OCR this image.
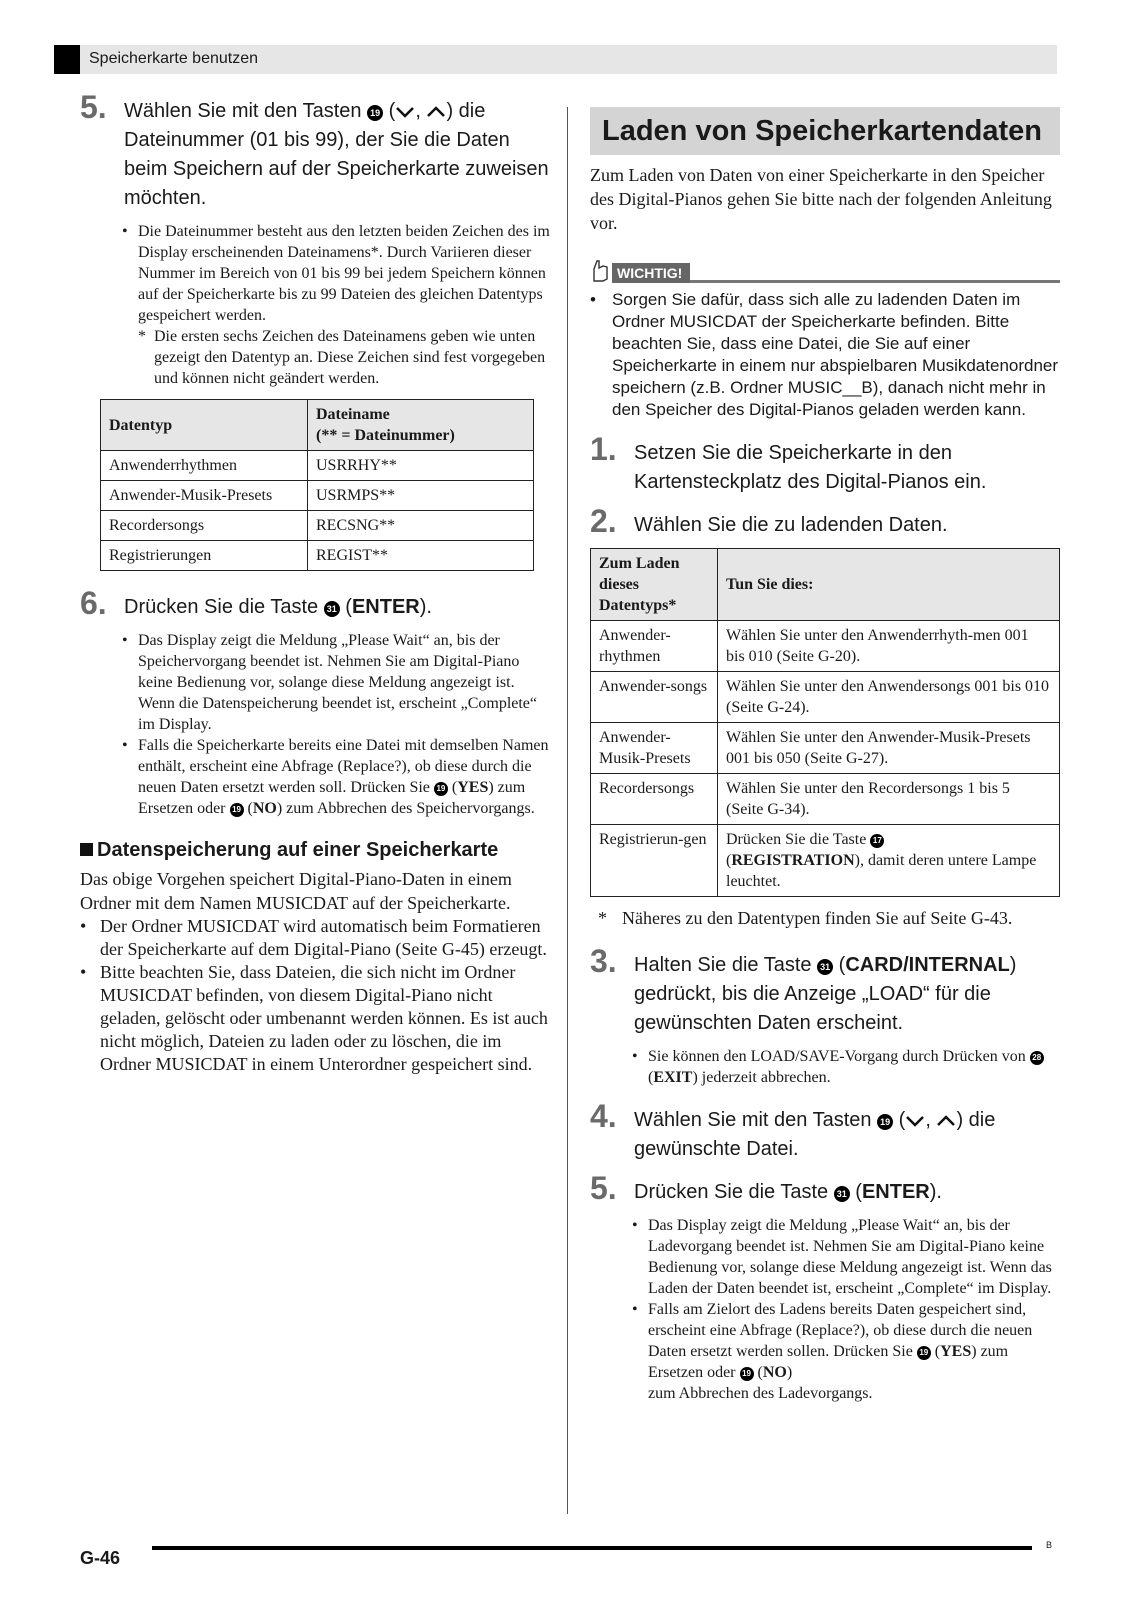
Speicherkarte benutzen
5. Wählen Sie mit den Tasten 19 ( , ) die Dateinummer (01 bis 99), der Sie die Daten beim Speichern auf der Speicherkarte zuweisen möchten.
• Die Dateinummer besteht aus den letzten beiden Zeichen des im Display erscheinenden Dateinamens*. Durch Variieren dieser Nummer im Bereich von 01 bis 99 bei jedem Speichern können auf der Speicherkarte bis zu 99 Dateien des gleichen Datentyps gespeichert werden.
* Die ersten sechs Zeichen des Dateinamens geben wie unten gezeigt den Datentyp an. Diese Zeichen sind fest vorgegeben und können nicht geändert werden.
Datentyp	Dateiname
(** = Dateinummer)
Anwenderrhythmen	USRRHY**
Anwender-Musik-Presets	USRMPS**
Recordersongs	RECSNG**
Registrierungen	REGIST**
6. Drücken Sie die Taste 31 (ENTER).
• Das Display zeigt die Meldung „Please Wait“ an, bis der Speichervorgang beendet ist. Nehmen Sie am Digital-Piano keine Bedienung vor, solange diese Meldung angezeigt ist. Wenn die Datenspeicherung beendet ist, erscheint „Complete“ im Display.
• Falls die Speicherkarte bereits eine Datei mit demselben Namen enthält, erscheint eine Abfrage (Replace?), ob diese durch die neuen Daten ersetzt werden soll. Drücken Sie 19 (YES) zum Ersetzen oder 19 (NO) zum Abbrechen des Speichervorgangs.
Datenspeicherung auf einer Speicherkarte
Das obige Vorgehen speichert Digital-Piano-Daten in einem Ordner mit dem Namen MUSICDAT auf der Speicherkarte.
• Der Ordner MUSICDAT wird automatisch beim Formatieren der Speicherkarte auf dem Digital-Piano (Seite G-45) erzeugt.
• Bitte beachten Sie, dass Dateien, die sich nicht im Ordner MUSICDAT befinden, von diesem Digital-Piano nicht geladen, gelöscht oder umbenannt werden können. Es ist auch nicht möglich, Dateien zu laden oder zu löschen, die im Ordner MUSICDAT in einem Unterordner gespeichert sind.
Laden von Speicherkartendaten
Zum Laden von Daten von einer Speicherkarte in den Speicher des Digital-Pianos gehen Sie bitte nach der folgenden Anleitung vor.
WICHTIG!
• Sorgen Sie dafür, dass sich alle zu ladenden Daten im Ordner MUSICDAT der Speicherkarte befinden. Bitte beachten Sie, dass eine Datei, die Sie auf einer Speicherkarte in einem nur abspielbaren Musikdatenordner speichern (z.B. Ordner MUSIC__B), danach nicht mehr in den Speicher des Digital-Pianos geladen werden kann.
1. Setzen Sie die Speicherkarte in den Kartensteckplatz des Digital-Pianos ein.
2. Wählen Sie die zu ladenden Daten.
Zum Laden dieses Datentyps*	Tun Sie dies:
Anwender-rhythmen	Wählen Sie unter den Anwenderrhyth-men 001 bis 010 (Seite G-20).
Anwender-songs	Wählen Sie unter den Anwendersongs 001 bis 010 (Seite G-24).
Anwender-Musik-Presets	Wählen Sie unter den Anwender-Musik-Presets 001 bis 050 (Seite G-27).
Recordersongs	Wählen Sie unter den Recordersongs 1 bis 5 (Seite G-34).
Registrierun-gen	Drücken Sie die Taste 17
(REGISTRATION), damit deren untere Lampe leuchtet.
* Näheres zu den Datentypen finden Sie auf Seite G-43.
3. Halten Sie die Taste 31 (CARD/INTERNAL) gedrückt, bis die Anzeige „LOAD“ für die gewünschten Daten erscheint.
• Sie können den LOAD/SAVE-Vorgang durch Drücken von 28 (EXIT) jederzeit abbrechen.
4. Wählen Sie mit den Tasten 19 ( , ) die gewünschte Datei.
5. Drücken Sie die Taste 31 (ENTER).
• Das Display zeigt die Meldung „Please Wait“ an, bis der Ladevorgang beendet ist. Nehmen Sie am Digital-Piano keine Bedienung vor, solange diese Meldung angezeigt ist. Wenn das Laden der Daten beendet ist, erscheint „Complete“ im Display.
• Falls am Zielort des Ladens bereits Daten gespeichert sind, erscheint eine Abfrage (Replace?), ob diese durch die neuen Daten ersetzt werden sollen. Drücken Sie 19 (YES) zum Ersetzen oder 19 (NO)
zum Abbrechen des Ladevorgangs.
G-46
B
